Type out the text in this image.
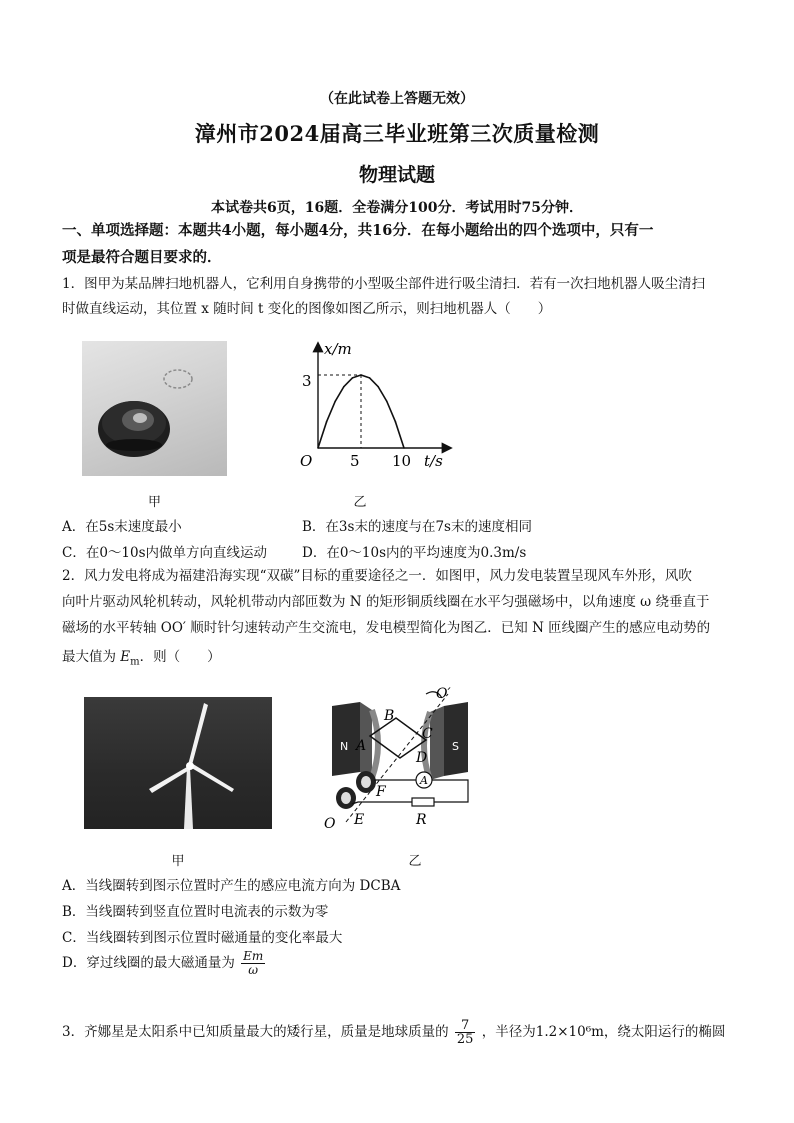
（在此试卷上答题无效）
漳州市2024届高三毕业班第三次质量检测
物理试题
本试卷共6页，16题．全卷满分100分．考试用时75分钟．
一、单项选择题：本题共4小题，每小题4分，共16分．在每小题给出的四个选项中，只有一
项是最符合题目要求的．
1．图甲为某品牌扫地机器人，它利用自身携带的小型吸尘部件进行吸尘清扫．若有一次扫地机器人吸尘清扫
时做直线运动，其位置 x 随时间 t 变化的图像如图乙所示，则扫地机器人（　　）
甲
x/m
3
O	5 10 t/s
乙
A．在5s末速度最小	B．在3s末的速度与在7s末的速度相同
C．在0～10s内做单方向直线运动	D．在0～10s内的平均速度为0.3m/s
2．风力发电将成为福建沿海实现“双碳”目标的重要途径之一．如图甲，风力发电装置呈现风车外形，风吹
向叶片驱动风轮机转动，风轮机带动内部匝数为 N 的矩形铜质线圈在水平匀强磁场中，以角速度 ω 绕垂直于
磁场的水平转轴 OO′ 顺时针匀速转动产生交流电，发电模型简化为图乙．已知 N 匝线圈产生的感应电动势的
最大值为 $E_m$．则（　　）
甲
O′
B
A
C
D
N	S
A
F
E	R
O
乙
A．当线圈转到图示位置时产生的感应电流方向为 DCBA
B．当线圈转到竖直位置时电流表的示数为零
C．当线圈转到图示位置时磁通量的变化率最大
D．穿过线圈的最大磁通量为 $\frac{Em}{\omega}$
3．齐娜星是太阳系中已知质量最大的矮行星，质量是地球质量的 $\frac{7}{25}$ ，半径为1.2×10⁶m，绕太阳运行的椭圆
